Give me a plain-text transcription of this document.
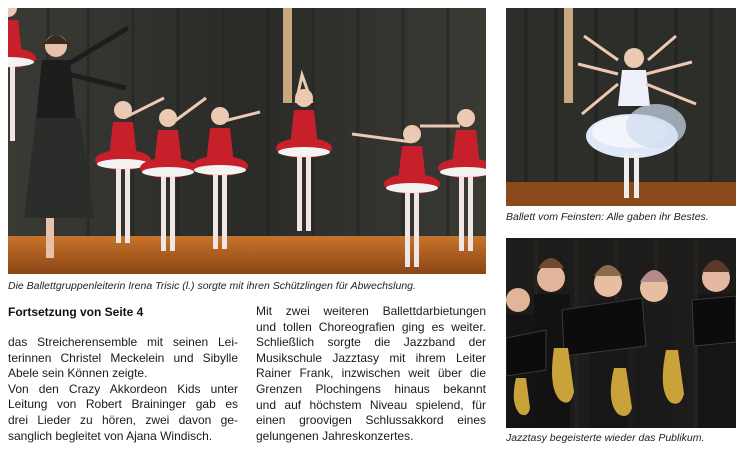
Die Ballettgruppenleiterin Irena Trisic (l.) sorgte mit ihren Schützlingen für Abwechslung.
Ballett vom Feinsten: Alle gaben ihr Bestes.
Jazztasy begeisterte wieder das Publikum.
Fortsetzung von Seite 4

das Streicherensemble mit seinen Lei-
terinnen Christel Meckelein und Sibylle
Abele sein Können zeigte.

Von den Crazy Akkordeon Kids unter
Leitung von Robert Braininger gab es
drei Lieder zu hören, zwei davon ge-
sanglich begleitet von Ajana Windisch.

Mit zwei weiteren Ballettdarbietungen
und tollen Choreografien ging es weiter.
Schließlich sorgte die Jazzband der
Musikschule Jazztasy mit ihrem Leiter
Rainer Frank, inzwischen weit über die
Grenzen Plochingens hinaus bekannt
und auf höchstem Niveau spielend, für
einen groovigen Schlussakkord eines
gelungenen Jahreskonzertes.
